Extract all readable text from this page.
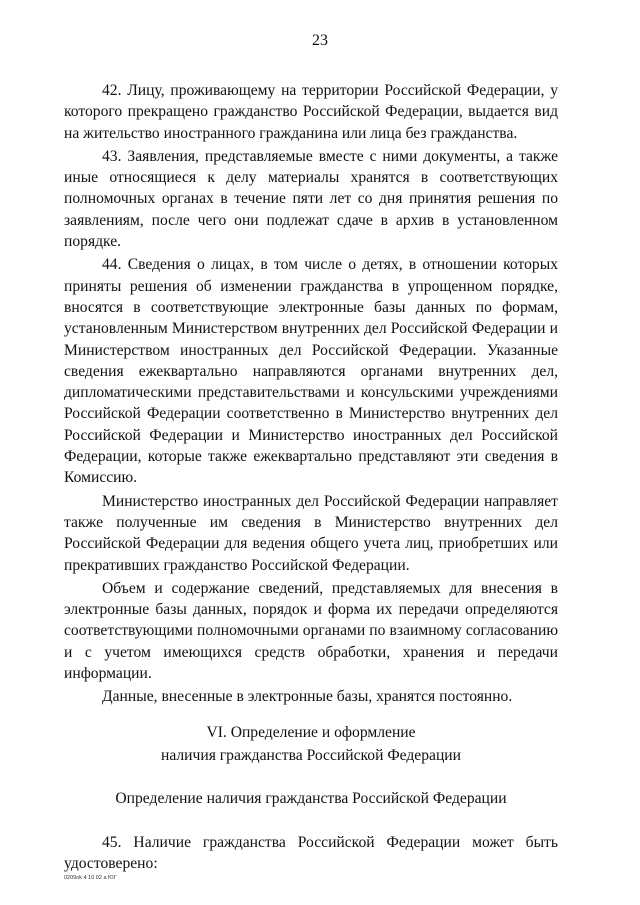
23

42. Лицу, проживающему на территории Российской Федерации, у которого прекращено гражданство Российской Федерации, выдается вид на жительство иностранного гражданина или лица без гражданства.

43. Заявления, представляемые вместе с ними документы, а также иные относящиеся к делу материалы хранятся в соответствующих полномочных органах в течение пяти лет со дня принятия решения по заявлениям, после чего они подлежат сдаче в архив в установленном порядке.

44. Сведения о лицах, в том числе о детях, в отношении которых приняты решения об изменении гражданства в упрощенном порядке, вносятся в соответствующие электронные базы данных по формам, установленным Министерством внутренних дел Российской Федерации и Министерством иностранных дел Российской Федерации. Указанные сведения ежеквартально направляются органами внутренних дел, дипломатическими представительствами и консульскими учреждениями Российской Федерации соответственно в Министерство внутренних дел Российской Федерации и Министерство иностранных дел Российской Федерации, которые также ежеквартально представляют эти сведения в Комиссию.

Министерство иностранных дел Российской Федерации направляет также полученные им сведения в Министерство внутренних дел Российской Федерации для ведения общего учета лиц, приобретших или прекративших гражданство Российской Федерации.

Объем и содержание сведений, представляемых для внесения в электронные базы данных, порядок и форма их передачи определяются соответствующими полномочными органами по взаимному согласованию и с учетом имеющихся средств обработки, хранения и передачи информации.

Данные, внесенные в электронные базы, хранятся постоянно.

VI. Определение и оформление

наличия гражданства Российской Федерации

Определение наличия гражданства Российской Федерации

45. Наличие гражданства Российской Федерации может быть удостоверено:

0209ok 4 10 02 a ЮГ
